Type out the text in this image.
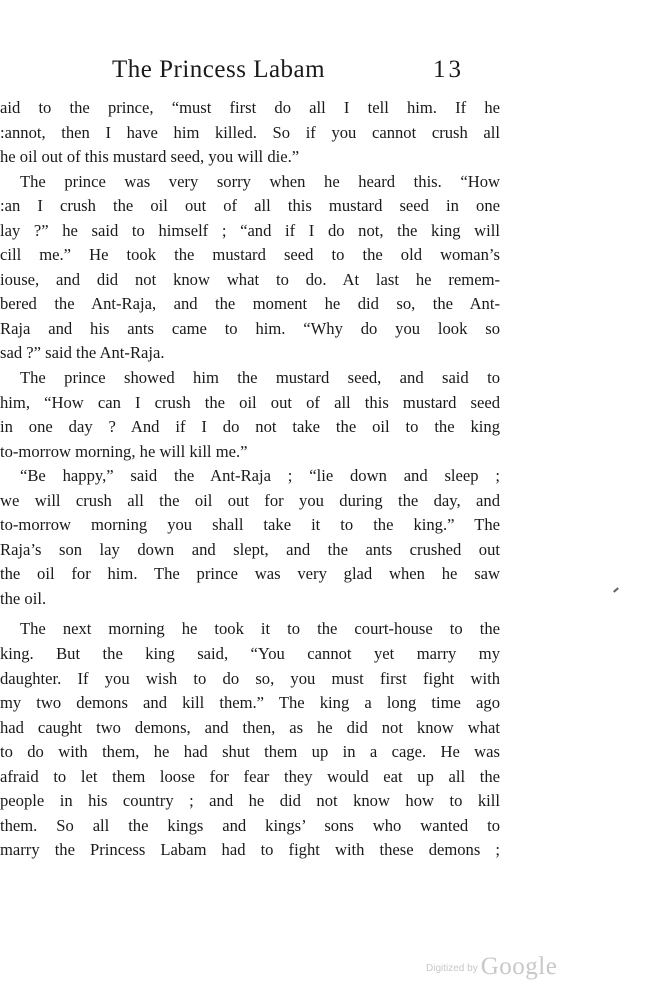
The Princess Labam	13
aid to the prince, “must first do all I tell him. If he
:annot, then I have him killed. So if you cannot crush all
he oil out of this mustard seed, you will die.”
The prince was very sorry when he heard this. “How
:an I crush the oil out of all this mustard seed in one
lay ?” he said to himself ; “and if I do not, the king will
cill me.” He took the mustard seed to the old woman’s
iouse, and did not know what to do. At last he remem-
bered the Ant-Raja, and the moment he did so, the Ant-
Raja and his ants came to him. “Why do you look so
sad ?” said the Ant-Raja.
The prince showed him the mustard seed, and said to
him, “How can I crush the oil out of all this mustard seed
in one day ? And if I do not take the oil to the king
to-morrow morning, he will kill me.”
“Be happy,” said the Ant-Raja ; “lie down and sleep ;
we will crush all the oil out for you during the day, and
to-morrow morning you shall take it to the king.” The
Raja’s son lay down and slept, and the ants crushed out
the oil for him. The prince was very glad when he saw
the oil.
The next morning he took it to the court-house to the
king. But the king said, “You cannot yet marry my
daughter. If you wish to do so, you must first fight with
my two demons and kill them.” The king a long time ago
had caught two demons, and then, as he did not know what
to do with them, he had shut them up in a cage. He was
afraid to let them loose for fear they would eat up all the
people in his country ; and he did not know how to kill
them. So all the kings and kings’ sons who wanted to
marry the Princess Labam had to fight with these demons ;
Digitized by Google
